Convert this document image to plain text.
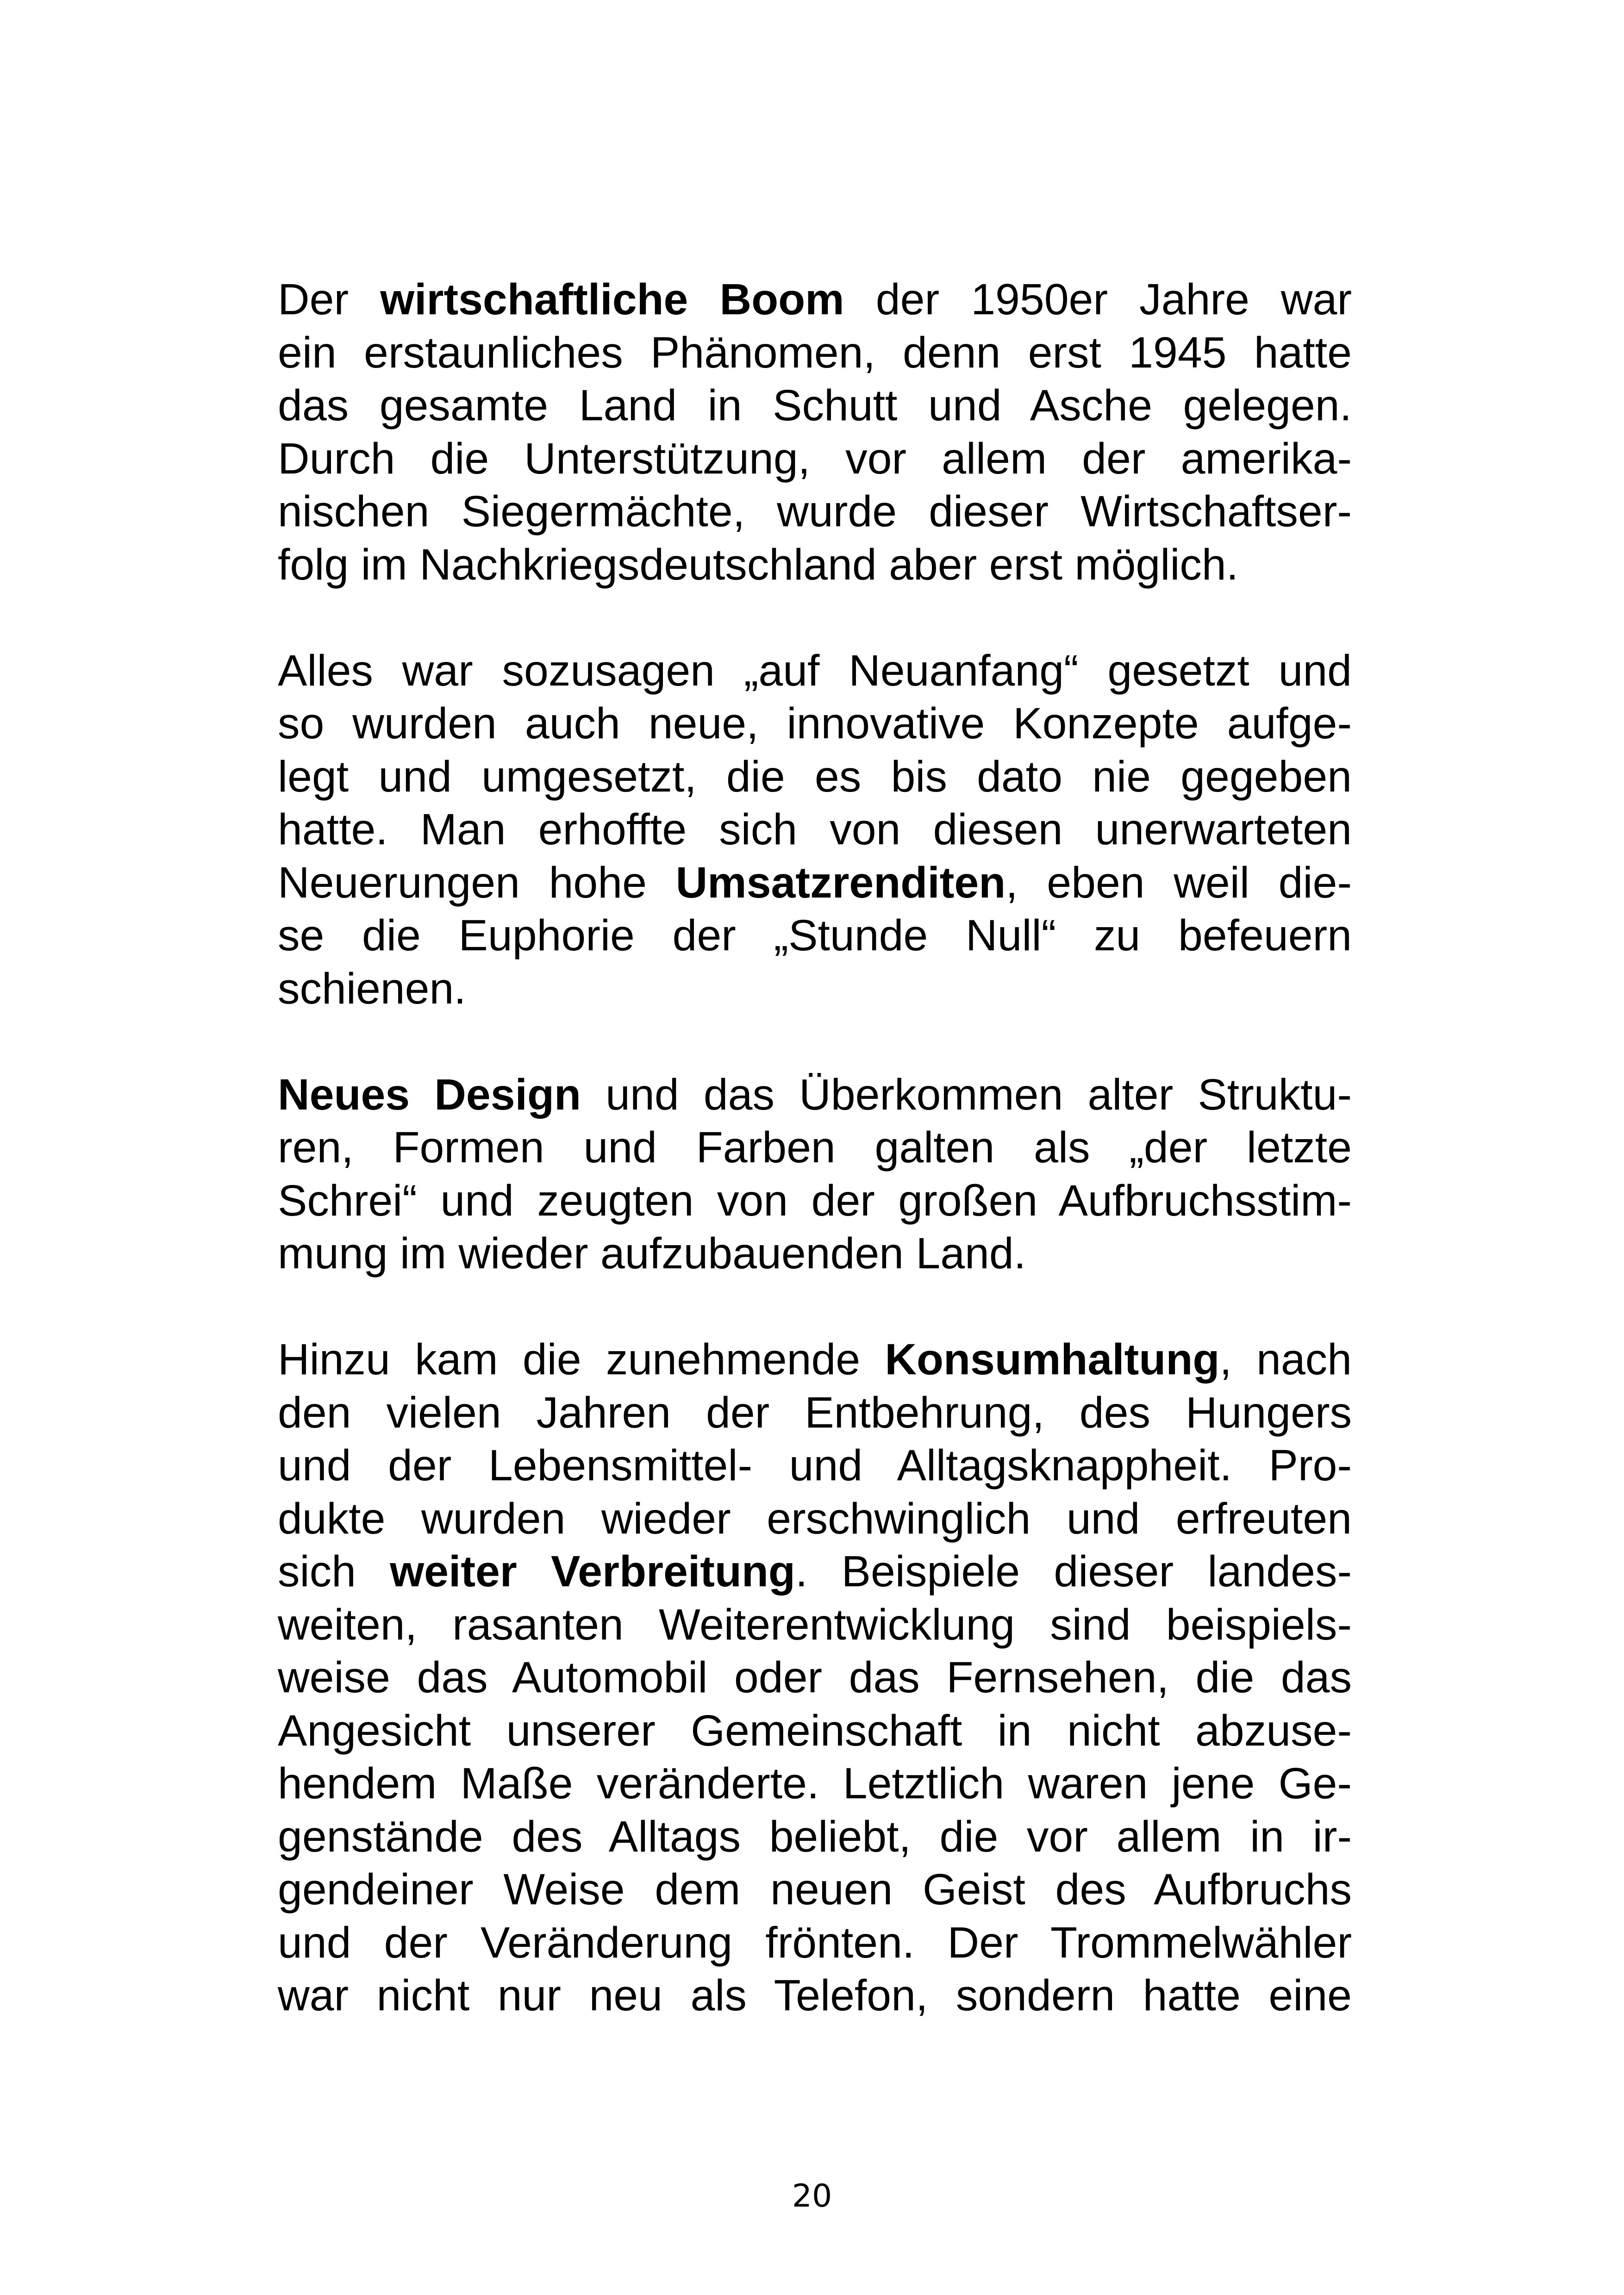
Der wirtschaftliche Boom der 1950er Jahre war
ein erstaunliches Phänomen, denn erst 1945 hatte
das gesamte Land in Schutt und Asche gelegen.
Durch die Unterstützung, vor allem der amerika-
nischen Siegermächte, wurde dieser Wirtschaftser-
folg im Nachkriegsdeutschland aber erst möglich.
Alles war sozusagen „auf Neuanfang“ gesetzt und
so wurden auch neue, innovative Konzepte aufge-
legt und umgesetzt, die es bis dato nie gegeben
hatte. Man erhoffte sich von diesen unerwarteten
Neuerungen hohe Umsatzrenditen, eben weil die-
se die Euphorie der „Stunde Null“ zu befeuern
schienen.
Neues Design und das Überkommen alter Struktu-
ren, Formen und Farben galten als „der letzte
Schrei“ und zeugten von der großen Aufbruchsstim-
mung im wieder aufzubauenden Land.
Hinzu kam die zunehmende Konsumhaltung, nach
den vielen Jahren der Entbehrung, des Hungers
und der Lebensmittel- und Alltagsknappheit. Pro-
dukte wurden wieder erschwinglich und erfreuten
sich weiter Verbreitung. Beispiele dieser landes-
weiten, rasanten Weiterentwicklung sind beispiels-
weise das Automobil oder das Fernsehen, die das
Angesicht unserer Gemeinschaft in nicht abzuse-
hendem Maße veränderte. Letztlich waren jene Ge-
genstände des Alltags beliebt, die vor allem in ir-
gendeiner Weise dem neuen Geist des Aufbruchs
und der Veränderung frönten. Der Trommelwähler
war nicht nur neu als Telefon, sondern hatte eine
20
